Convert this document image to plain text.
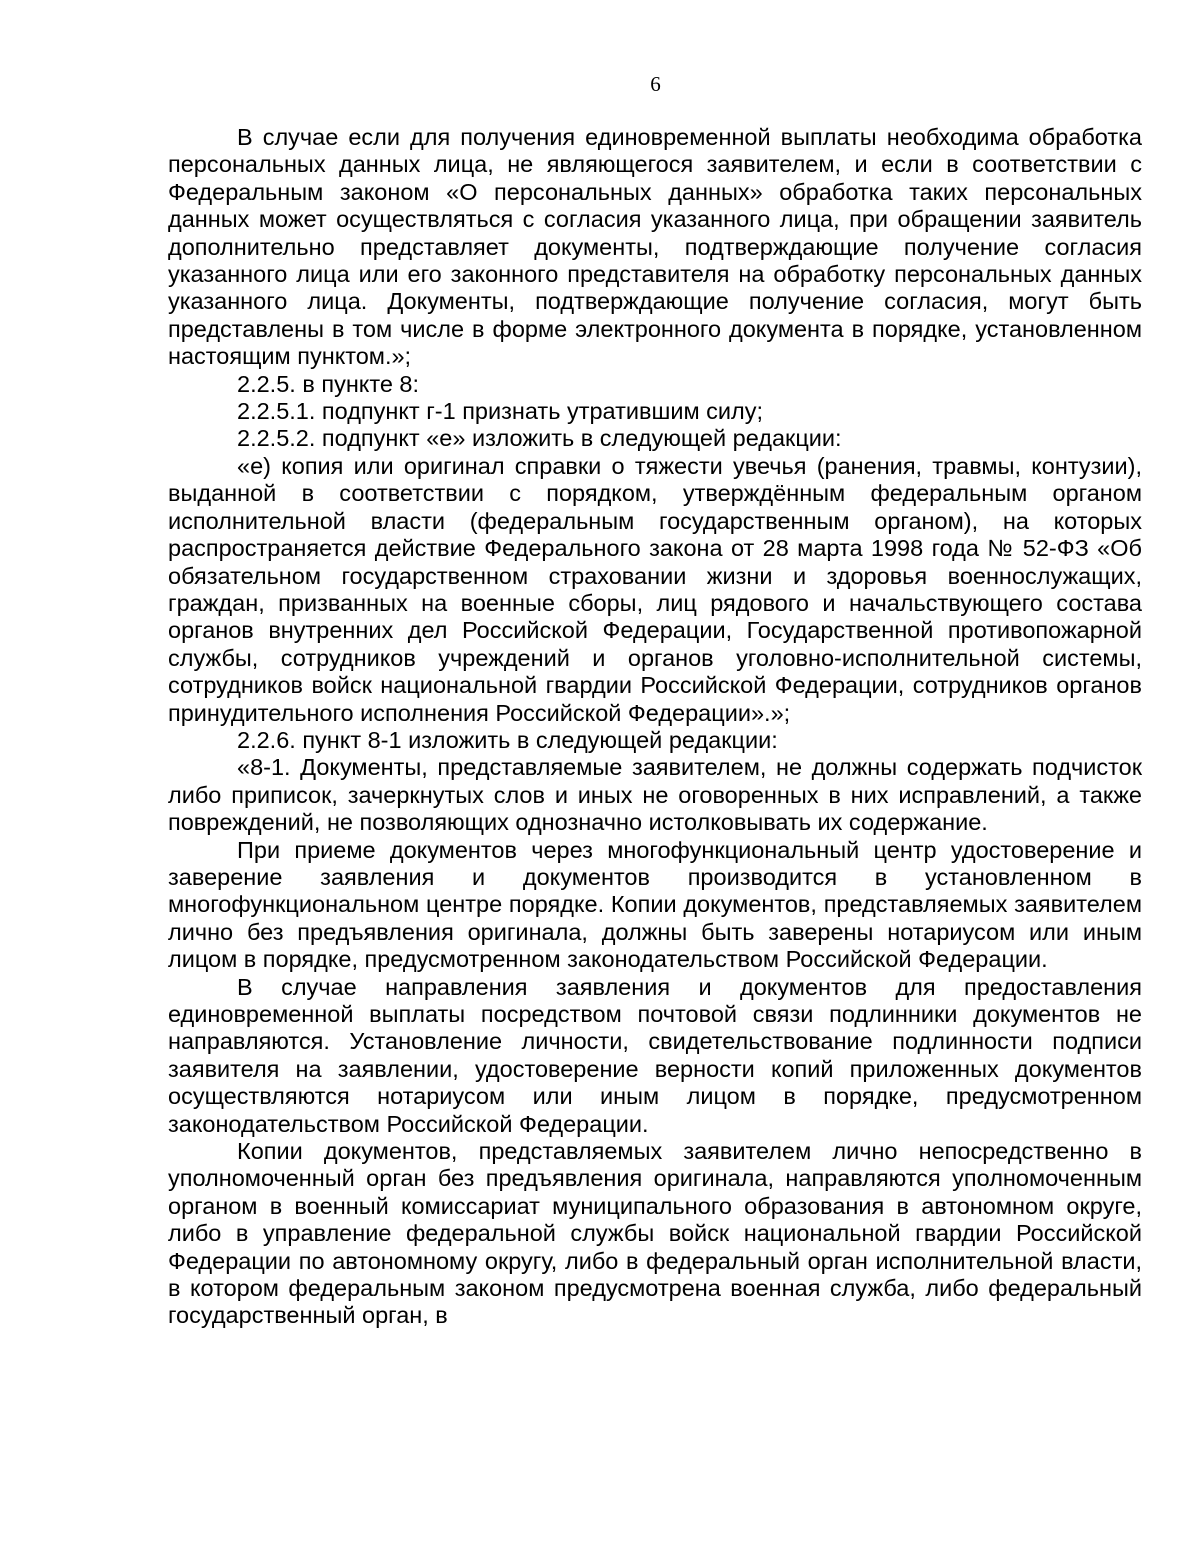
6

В случае если для получения единовременной выплаты необходима обработка персональных данных лица, не являющегося заявителем, и если в соответствии с Федеральным законом «О персональных данных» обработка таких персональных данных может осуществляться с согласия указанного лица, при обращении заявитель дополнительно представляет документы, подтверждающие получение согласия указанного лица или его законного представителя на обработку персональных данных указанного лица. Документы, подтверждающие получение согласия, могут быть представлены в том числе в форме электронного документа в порядке, установленном настоящим пунктом.»;

2.2.5. в пункте 8:

2.2.5.1. подпункт г-1 признать утратившим силу;

2.2.5.2. подпункт «е» изложить в следующей редакции:

«е) копия или оригинал справки о тяжести увечья (ранения, травмы, контузии), выданной в соответствии с порядком, утверждённым федеральным органом исполнительной власти (федеральным государственным органом), на которых распространяется действие Федерального закона от 28 марта 1998 года № 52-ФЗ «Об обязательном государственном страховании жизни и здоровья военнослужащих, граждан, призванных на военные сборы, лиц рядового и начальствующего состава органов внутренних дел Российской Федерации, Государственной противопожарной службы, сотрудников учреждений и органов уголовно-исполнительной системы, сотрудников войск национальной гвардии Российской Федерации, сотрудников органов принудительного исполнения Российской Федерации».»;

2.2.6. пункт 8-1 изложить в следующей редакции:

«8-1. Документы, представляемые заявителем, не должны содержать подчисток либо приписок, зачеркнутых слов и иных не оговоренных в них исправлений, а также повреждений, не позволяющих однозначно истолковывать их содержание.

При приеме документов через многофункциональный центр удостоверение и заверение заявления и документов производится в установленном в многофункциональном центре порядке. Копии документов, представляемых заявителем лично без предъявления оригинала, должны быть заверены нотариусом или иным лицом в порядке, предусмотренном законодательством Российской Федерации.

В случае направления заявления и документов для предоставления единовременной выплаты посредством почтовой связи подлинники документов не направляются. Установление личности, свидетельствование подлинности подписи заявителя на заявлении, удостоверение верности копий приложенных документов осуществляются нотариусом или иным лицом в порядке, предусмотренном законодательством Российской Федерации.

Копии документов, представляемых заявителем лично непосредственно в уполномоченный орган без предъявления оригинала, направляются уполномоченным органом в военный комиссариат муниципального образования в автономном округе, либо в управление федеральной службы войск национальной гвардии Российской Федерации по автономному округу, либо в федеральный орган исполнительной власти, в котором федеральным законом предусмотрена военная служба, либо федеральный государственный орган, в
